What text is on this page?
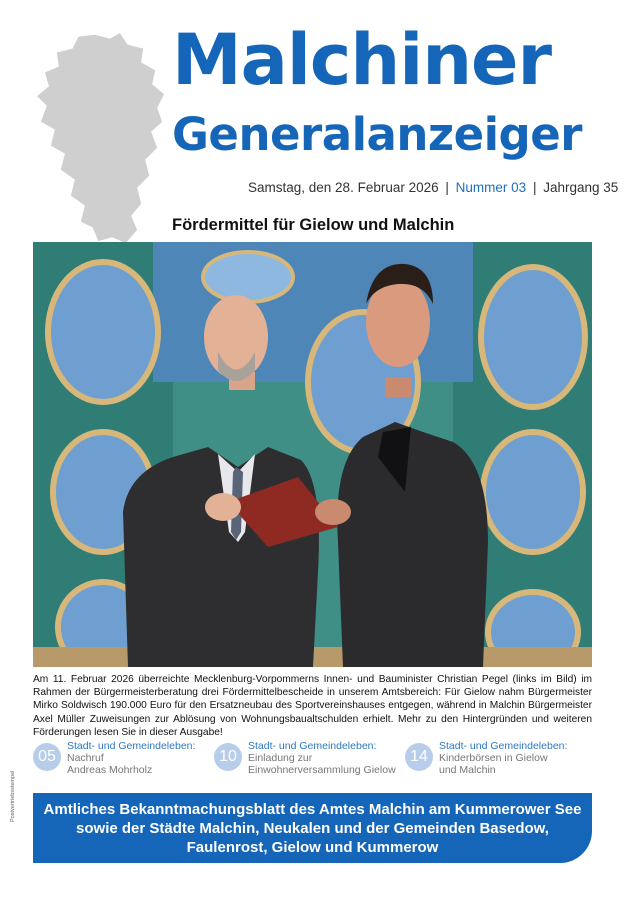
Malchiner
Generalanzeiger
Samstag, den 28. Februar 2026 | Nummer 03 | Jahrgang 35
Fördermittel für Gielow und Malchin
Am 11. Februar 2026 überreichte Mecklenburg-Vorpommerns Innen- und Bauminister Christian Pegel (links im Bild) im Rahmen der Bürgermeisterberatung drei Fördermittelbescheide in unserem Amtsbereich: Für Gielow nahm Bürgermeister Mirko Soldwisch 190.000 Euro für den Ersatzneubau des Sportvereinshauses entgegen, während in Malchin Bürgermeister Axel Müller Zuweisungen zur Ablösung von Wohnungsbaualtschulden erhielt. Mehr zu den Hintergründen und weiteren Förderungen lesen Sie in dieser Ausgabe!
05
Stadt- und Gemeindeleben:
Nachruf
Andreas Mohrholz
10
Stadt- und Gemeindeleben:
Einladung zur
Einwohnerversammlung Gielow
14
Stadt- und Gemeindeleben:
Kinderbörsen in Gielow
und Malchin
Amtliches Bekanntmachungsblatt des Amtes Malchin am Kummerower See
sowie der Städte Malchin, Neukalen und der Gemeinden Basedow,
Faulenrost, Gielow und Kummerow
Postvertriebsstempel
